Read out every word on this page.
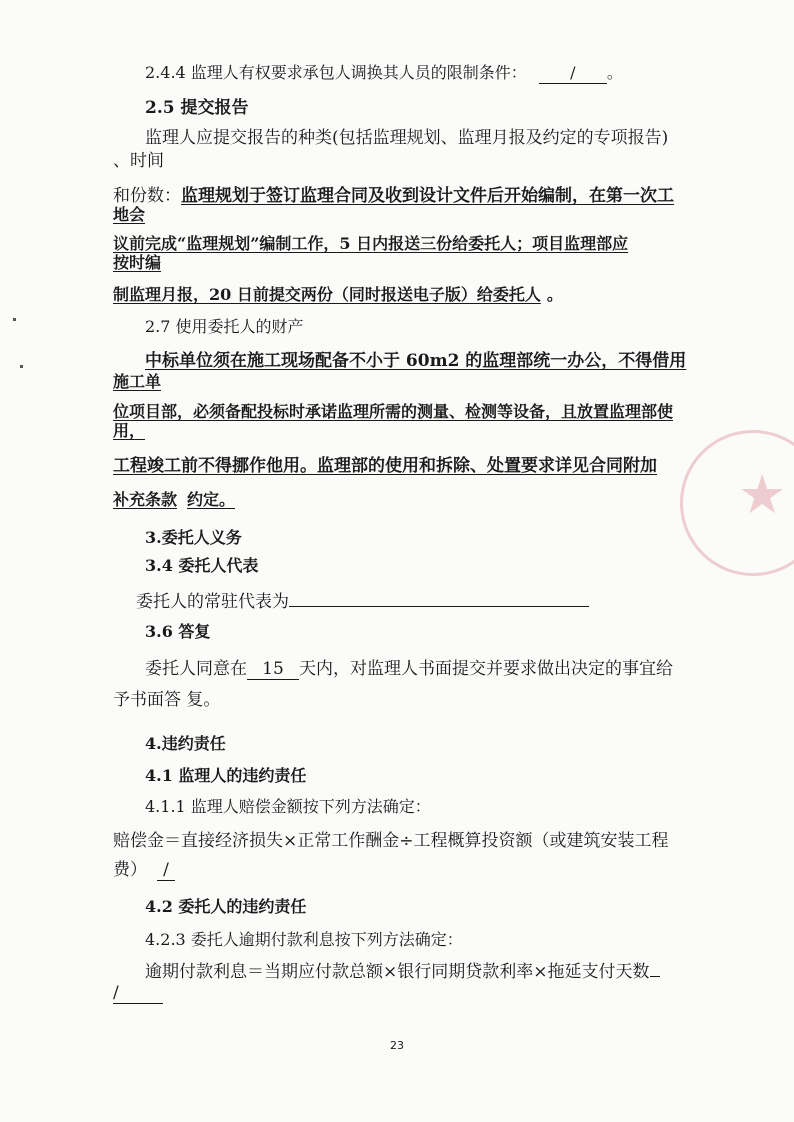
★
2.4.4 监理人有权要求承包人调换其人员的限制条件：	/ 。
2.5 提交报告
监理人应提交报告的种类(包括监理规划、监理月报及约定的专项报告)
、时间
和份数：监理规划于签订监理合同及收到设计文件后开始编制，在第一次工
地会
议前完成“监理规划”编制工作，5 日内报送三份给委托人；项目监理部应
按时编
制监理月报，20 日前提交两份（同时报送电子版）给委托人 。
2.7 使用委托人的财产
中标单位须在施工现场配备不小于 60m2 的监理部统一办公，不得借用
施工单
位项目部，必须备配投标时承诺监理所需的测量、检测等设备，且放置监理部使
用，
工程竣工前不得挪作他用。监理部的使用和拆除、处置要求详见合同附加
补充条款 约定。
3.委托人义务
3.4 委托人代表
委托人的常驻代表为
3.6 答复
委托人同意在 15 天内，对监理人书面提交并要求做出决定的事宜给
予书面答 复。
4.违约责任
4.1 监理人的违约责任
4.1.1 监理人赔偿金额按下列方法确定：
赔偿金＝直接经济损失×正常工作酬金÷工程概算投资额（或建筑安装工程
费） /
4.2 委托人的违约责任
4.2.3 委托人逾期付款利息按下列方法确定：
逾期付款利息＝当期应付款总额×银行同期贷款利率×拖延支付天数
/
23
